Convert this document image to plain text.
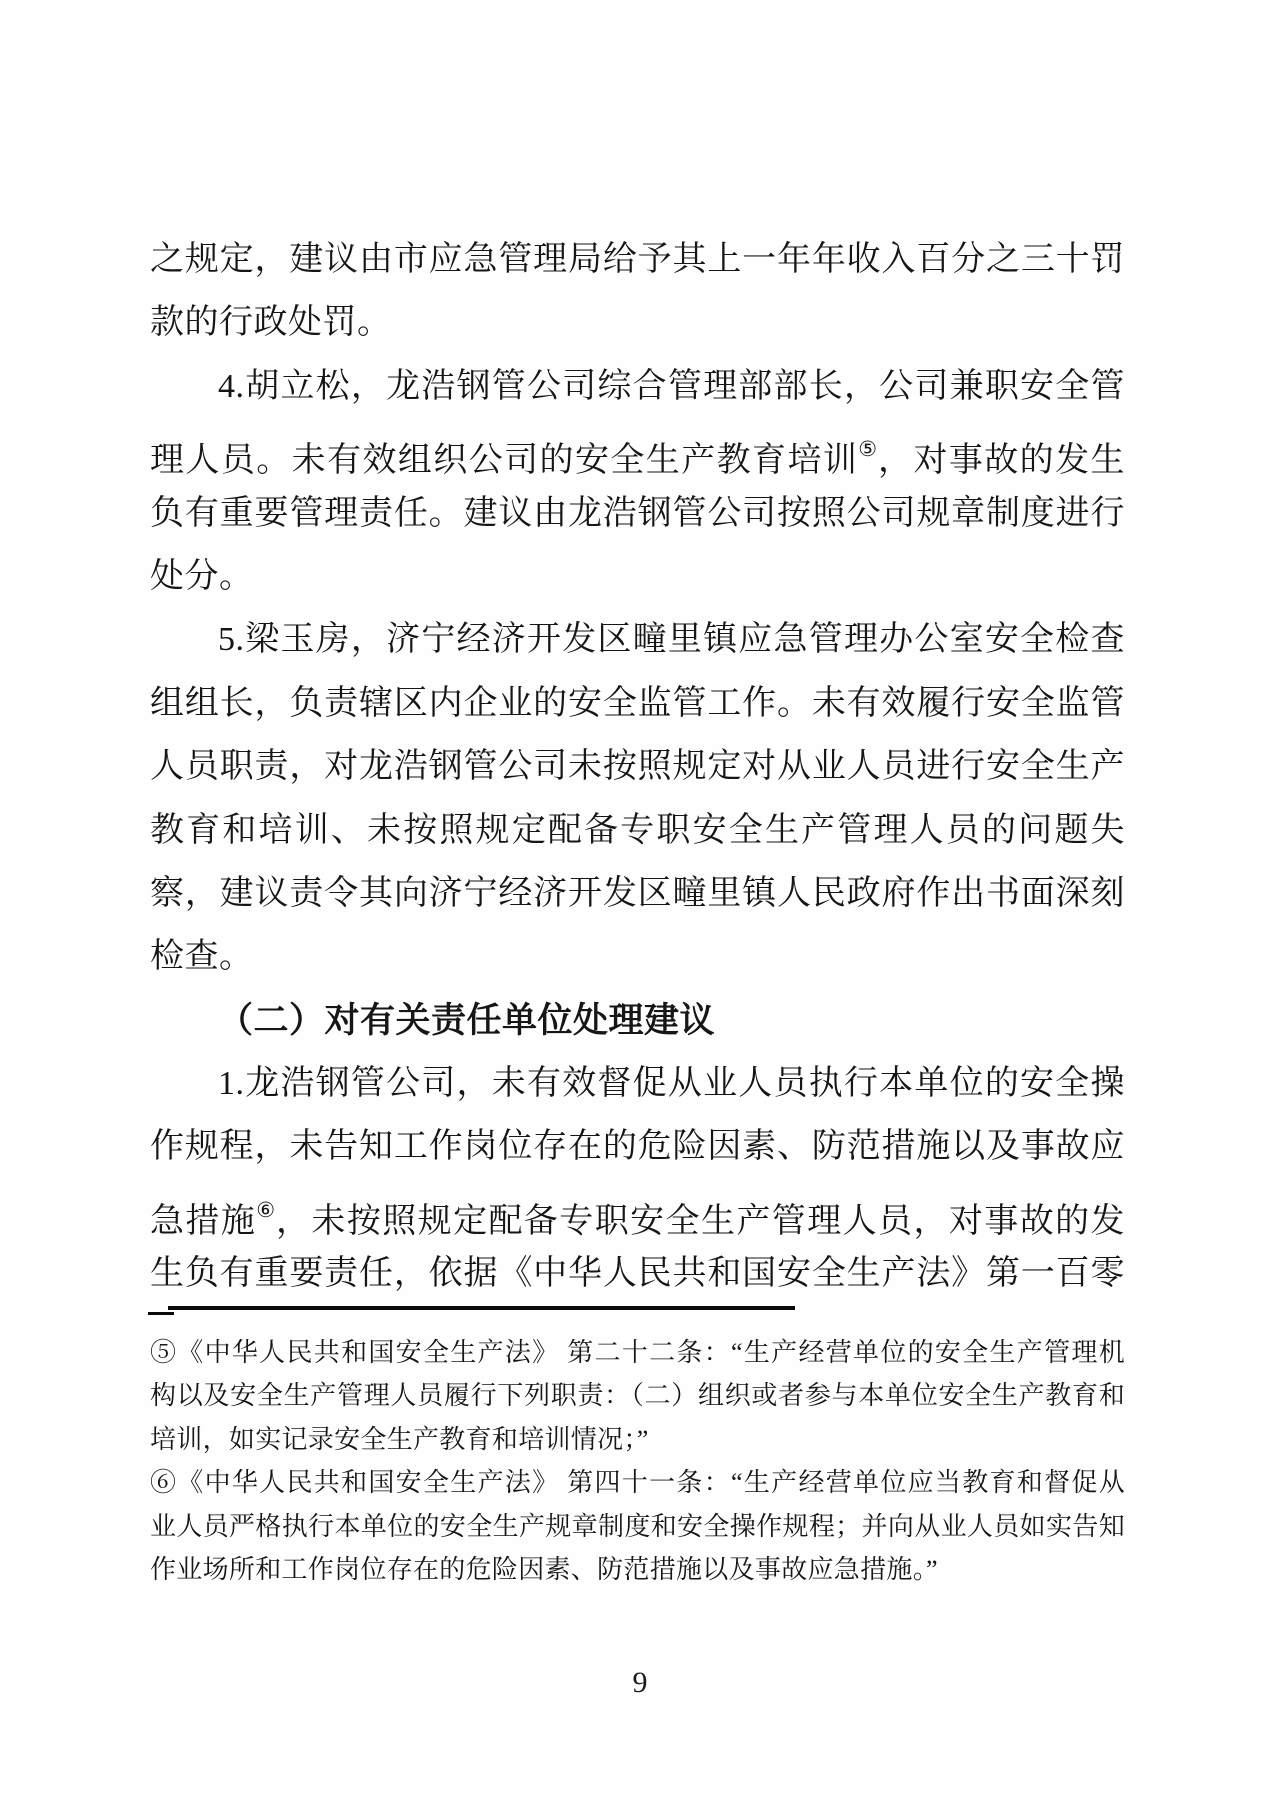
之规定，建议由市应急管理局给予其上一年年收入百分之三十罚
款的行政处罚。
4.胡立松，龙浩钢管公司综合管理部部长，公司兼职安全管
理人员。未有效组织公司的安全生产教育培训⑤，对事故的发生
负有重要管理责任。建议由龙浩钢管公司按照公司规章制度进行
处分。
5.梁玉房，济宁经济开发区疃里镇应急管理办公室安全检查
组组长，负责辖区内企业的安全监管工作。未有效履行安全监管
人员职责，对龙浩钢管公司未按照规定对从业人员进行安全生产
教育和培训、未按照规定配备专职安全生产管理人员的问题失
察，建议责令其向济宁经济开发区疃里镇人民政府作出书面深刻
检查。
（二）对有关责任单位处理建议
1.龙浩钢管公司，未有效督促从业人员执行本单位的安全操
作规程，未告知工作岗位存在的危险因素、防范措施以及事故应
急措施⑥，未按照规定配备专职安全生产管理人员，对事故的发
生负有重要责任，依据《中华人民共和国安全生产法》第一百零
⑤《中华人民共和国安全生产法》 第二十二条：“生产经营单位的安全生产管理机
构以及安全生产管理人员履行下列职责：（二）组织或者参与本单位安全生产教育和
培训，如实记录安全生产教育和培训情况；”
⑥《中华人民共和国安全生产法》 第四十一条：“生产经营单位应当教育和督促从
业人员严格执行本单位的安全生产规章制度和安全操作规程；并向从业人员如实告知
作业场所和工作岗位存在的危险因素、防范措施以及事故应急措施。”
9
